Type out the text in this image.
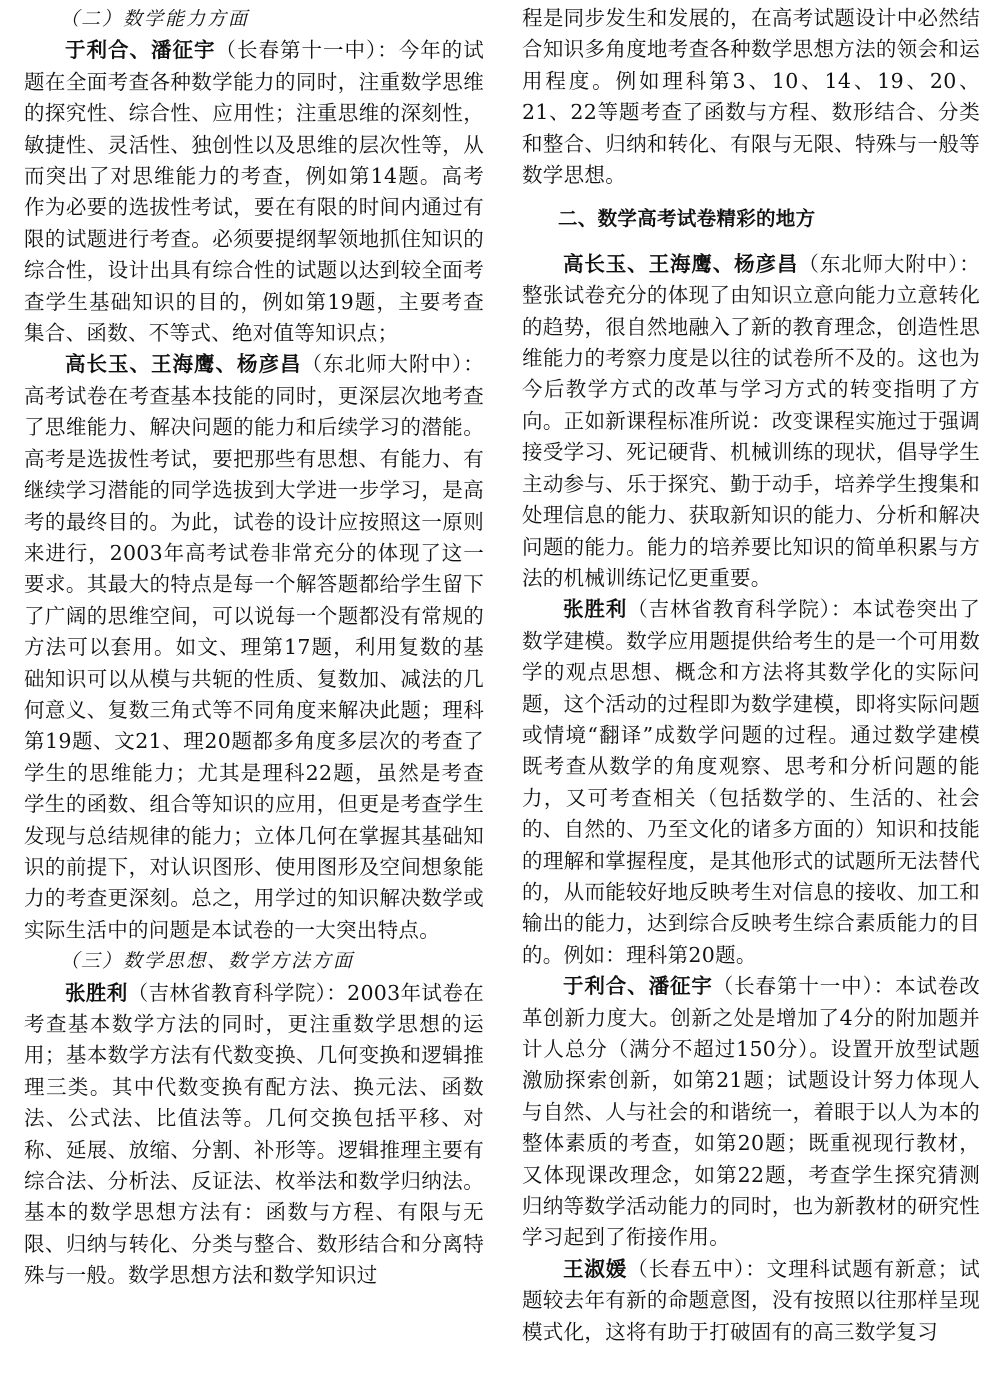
（二）数学能力方面

于利合、潘征宇（长春第十一中）：今年的试题在全面考查各种数学能力的同时，注重数学思维的探究性、综合性、应用性；注重思维的深刻性，敏捷性、灵活性、独创性以及思维的层次性等，从而突出了对思维能力的考查，例如第14题。高考作为必要的选拔性考试，要在有限的时间内通过有限的试题进行考查。必须要提纲挈领地抓住知识的综合性，设计出具有综合性的试题以达到较全面考查学生基础知识的目的，例如第19题，主要考查集合、函数、不等式、绝对值等知识点；

高长玉、王海鹰、杨彦昌（东北师大附中）：高考试卷在考查基本技能的同时，更深层次地考查了思维能力、解决问题的能力和后续学习的潜能。高考是选拔性考试，要把那些有思想、有能力、有继续学习潜能的同学选拔到大学进一步学习，是高考的最终目的。为此，试卷的设计应按照这一原则来进行，2003年高考试卷非常充分的体现了这一要求。其最大的特点是每一个解答题都给学生留下了广阔的思维空间，可以说每一个题都没有常规的方法可以套用。如文、理第17题，利用复数的基础知识可以从模与共轭的性质、复数加、减法的几何意义、复数三角式等不同角度来解决此题；理科第19题、文21、理20题都多角度多层次的考查了学生的思维能力；尤其是理科22题，虽然是考查学生的函数、组合等知识的应用，但更是考查学生发现与总结规律的能力；立体几何在掌握其基础知识的前提下，对认识图形、使用图形及空间想象能力的考查更深刻。总之，用学过的知识解决数学或实际生活中的问题是本试卷的一大突出特点。

（三）数学思想、数学方法方面

张胜利（吉林省教育科学院）：2003年试卷在考查基本数学方法的同时，更注重数学思想的运用；基本数学方法有代数变换、几何变换和逻辑推理三类。其中代数变换有配方法、换元法、函数法、公式法、比值法等。几何交换包括平移、对称、延展、放缩、分割、补形等。逻辑推理主要有综合法、分析法、反证法、枚举法和数学归纳法。基本的数学思想方法有：函数与方程、有限与无限、归纳与转化、分类与整合、数形结合和分离特殊与一般。数学思想方法和数学知识过

程是同步发生和发展的，在高考试题设计中必然结合知识多角度地考查各种数学思想方法的领会和运用程度。例如理科第3、10、14、19、20、21、22等题考查了函数与方程、数形结合、分类和整合、归纳和转化、有限与无限、特殊与一般等数学思想。

二、数学高考试卷精彩的地方

高长玉、王海鹰、杨彦昌（东北师大附中）：整张试卷充分的体现了由知识立意向能力立意转化的趋势，很自然地融入了新的教育理念，创造性思维能力的考察力度是以往的试卷所不及的。这也为今后教学方式的改革与学习方式的转变指明了方向。正如新课程标准所说：改变课程实施过于强调接受学习、死记硬背、机械训练的现状，倡导学生主动参与、乐于探究、勤于动手，培养学生搜集和处理信息的能力、获取新知识的能力、分析和解决问题的能力。能力的培养要比知识的简单积累与方法的机械训练记忆更重要。

张胜利（吉林省教育科学院）：本试卷突出了数学建模。数学应用题提供给考生的是一个可用数学的观点思想、概念和方法将其数学化的实际问题，这个活动的过程即为数学建模，即将实际问题或情境“翻译”成数学问题的过程。通过数学建模既考查从数学的角度观察、思考和分析问题的能力，又可考查相关（包括数学的、生活的、社会的、自然的、乃至文化的诸多方面的）知识和技能的理解和掌握程度，是其他形式的试题所无法替代的，从而能较好地反映考生对信息的接收、加工和输出的能力，达到综合反映考生综合素质能力的目的。例如：理科第20题。

于利合、潘征宇（长春第十一中）：本试卷改革创新力度大。创新之处是增加了4分的附加题并计人总分（满分不超过150分）。设置开放型试题激励探索创新，如第21题；试题设计努力体现人与自然、人与社会的和谐统一，着眼于以人为本的整体素质的考查，如第20题；既重视现行教材，又体现课改理念，如第22题，考查学生探究猜测归纳等数学活动能力的同时，也为新教材的研究性学习起到了衔接作用。

王淑媛（长春五中）：文理科试题有新意；试题较去年有新的命题意图，没有按照以往那样呈现模式化，这将有助于打破固有的高三数学复习
